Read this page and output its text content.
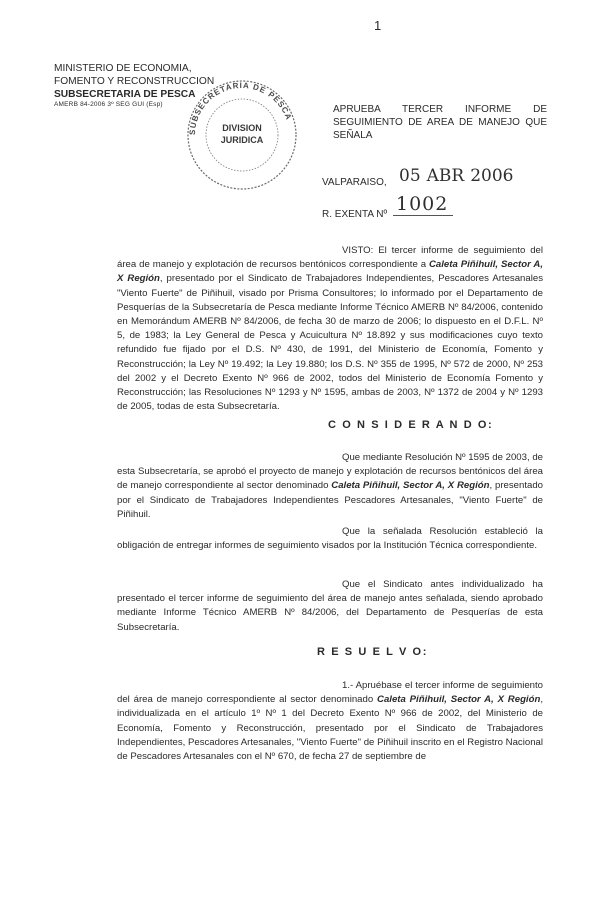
1
MINISTERIO DE ECONOMIA,
FOMENTO Y RECONSTRUCCION
SUBSECRETARIA DE PESCA
AMERB 84-2006 3º SEG GUI (Esp)
SUBSECRETARIA DE PESCA
DIVISION
JURIDICA
APRUEBA TERCER INFORME DE SEGUIMIENTO DE AREA DE MANEJO QUE SEÑALA
VALPARAISO, 05 ABR 2006
R. EXENTA Nº 1002
VISTO: El tercer informe de seguimiento del área de manejo y explotación de recursos bentónicos correspondiente a Caleta Piñihuil, Sector A, X Región, presentado por el Sindicato de Trabajadores Independientes, Pescadores Artesanales "Viento Fuerte" de Piñihuil, visado por Prisma Consultores; lo informado por el Departamento de Pesquerías de la Subsecretaría de Pesca mediante Informe Técnico AMERB Nº 84/2006, contenido en Memorándum AMERB Nº 84/2006, de fecha 30 de marzo de 2006; lo dispuesto en el D.F.L. Nº 5, de 1983; la Ley General de Pesca y Acuicultura Nº 18.892 y sus modificaciones cuyo texto refundido fue fijado por el D.S. Nº 430, de 1991, del Ministerio de Economía, Fomento y Reconstrucción; la Ley Nº 19.492; la Ley 19.880; los D.S. Nº 355 de 1995, Nº 572 de 2000, Nº 253 del 2002 y el Decreto Exento Nº 966 de 2002, todos del Ministerio de Economía Fomento y Reconstrucción; las Resoluciones Nº 1293 y Nº 1595, ambas de 2003, Nº 1372 de 2004 y Nº 1293 de 2005, todas de esta Subsecretaría.
C O N S I D E R A N D O:
Que mediante Resolución Nº 1595 de 2003, de esta Subsecretaría, se aprobó el proyecto de manejo y explotación de recursos bentónicos del área de manejo correspondiente al sector denominado Caleta Piñihuil, Sector A, X Región, presentado por el Sindicato de Trabajadores Independientes Pescadores Artesanales, "Viento Fuerte" de Piñihuil.
Que la señalada Resolución estableció la obligación de entregar informes de seguimiento visados por la Institución Técnica correspondiente.
Que el Sindicato antes individualizado ha presentado el tercer informe de seguimiento del área de manejo antes señalada, siendo aprobado mediante Informe Técnico AMERB Nº 84/2006, del Departamento de Pesquerías de esta Subsecretaría.
R E S U E L V O:
1.- Apruébase el tercer informe de seguimiento del área de manejo correspondiente al sector denominado Caleta Piñihuil, Sector A, X Región, individualizada en el artículo 1º Nº 1 del Decreto Exento Nº 966 de 2002, del Ministerio de Economía, Fomento y Reconstrucción, presentado por el Sindicato de Trabajadores Independientes, Pescadores Artesanales, "Viento Fuerte" de Piñihuil inscrito en el Registro Nacional de Pescadores Artesanales con el Nº 670, de fecha 27 de septiembre de
